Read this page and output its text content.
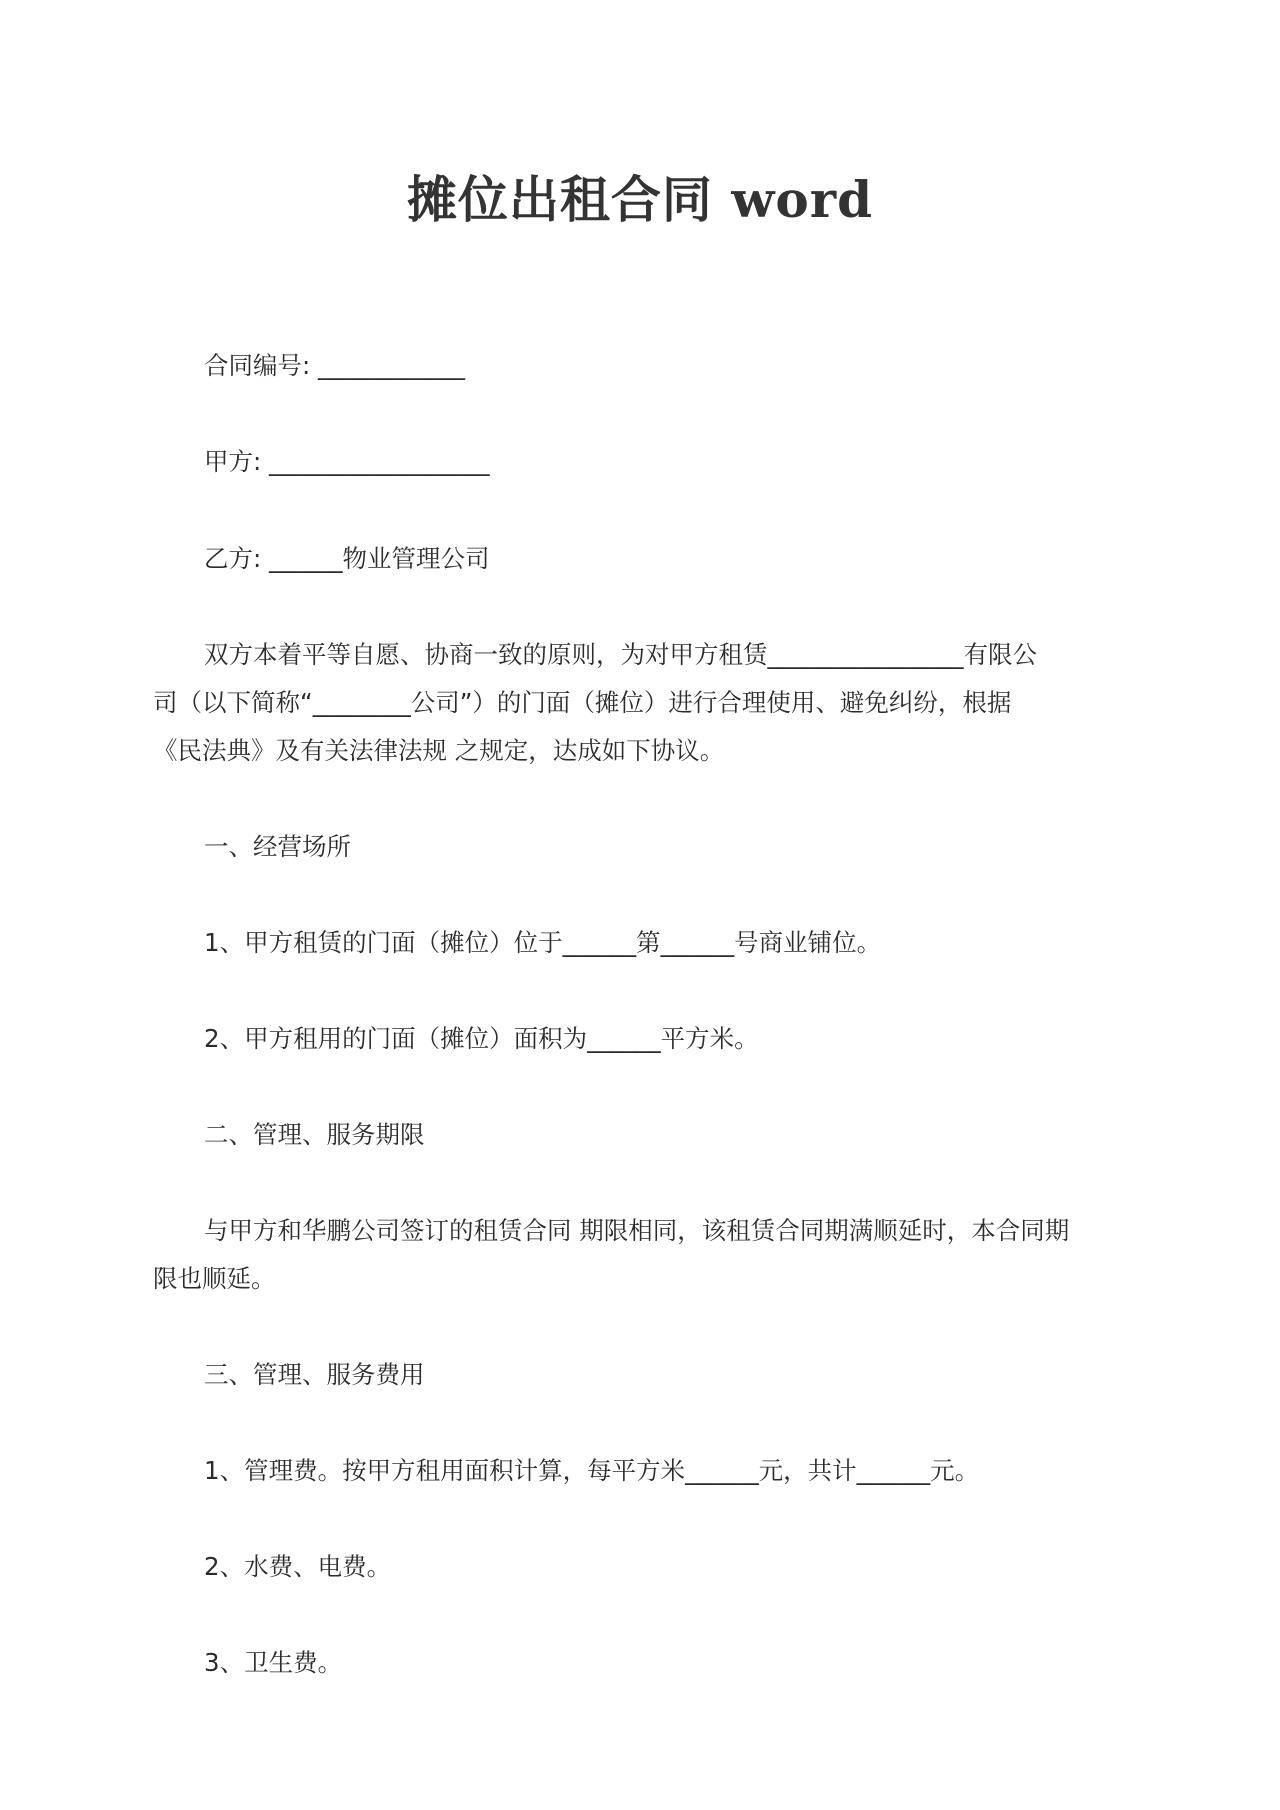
摊位出租合同 word
合同编号: ____________
甲方: __________________
乙方: ______物业管理公司
双方本着平等自愿、协商一致的原则，为对甲方租赁________________有限公
司（以下简称“________公司”）的门面（摊位）进行合理使用、避免纠纷，根据
《民法典》及有关法律法规 之规定，达成如下协议。
一、经营场所
1、甲方租赁的门面（摊位）位于______第______号商业铺位。
2、甲方租用的门面（摊位）面积为______平方米。
二、管理、服务期限
与甲方和华鹏公司签订的租赁合同 期限相同，该租赁合同期满顺延时，本合同期
限也顺延。
三、管理、服务费用
1、管理费。按甲方租用面积计算，每平方米______元，共计______元。
2、水费、电费。
3、卫生费。
